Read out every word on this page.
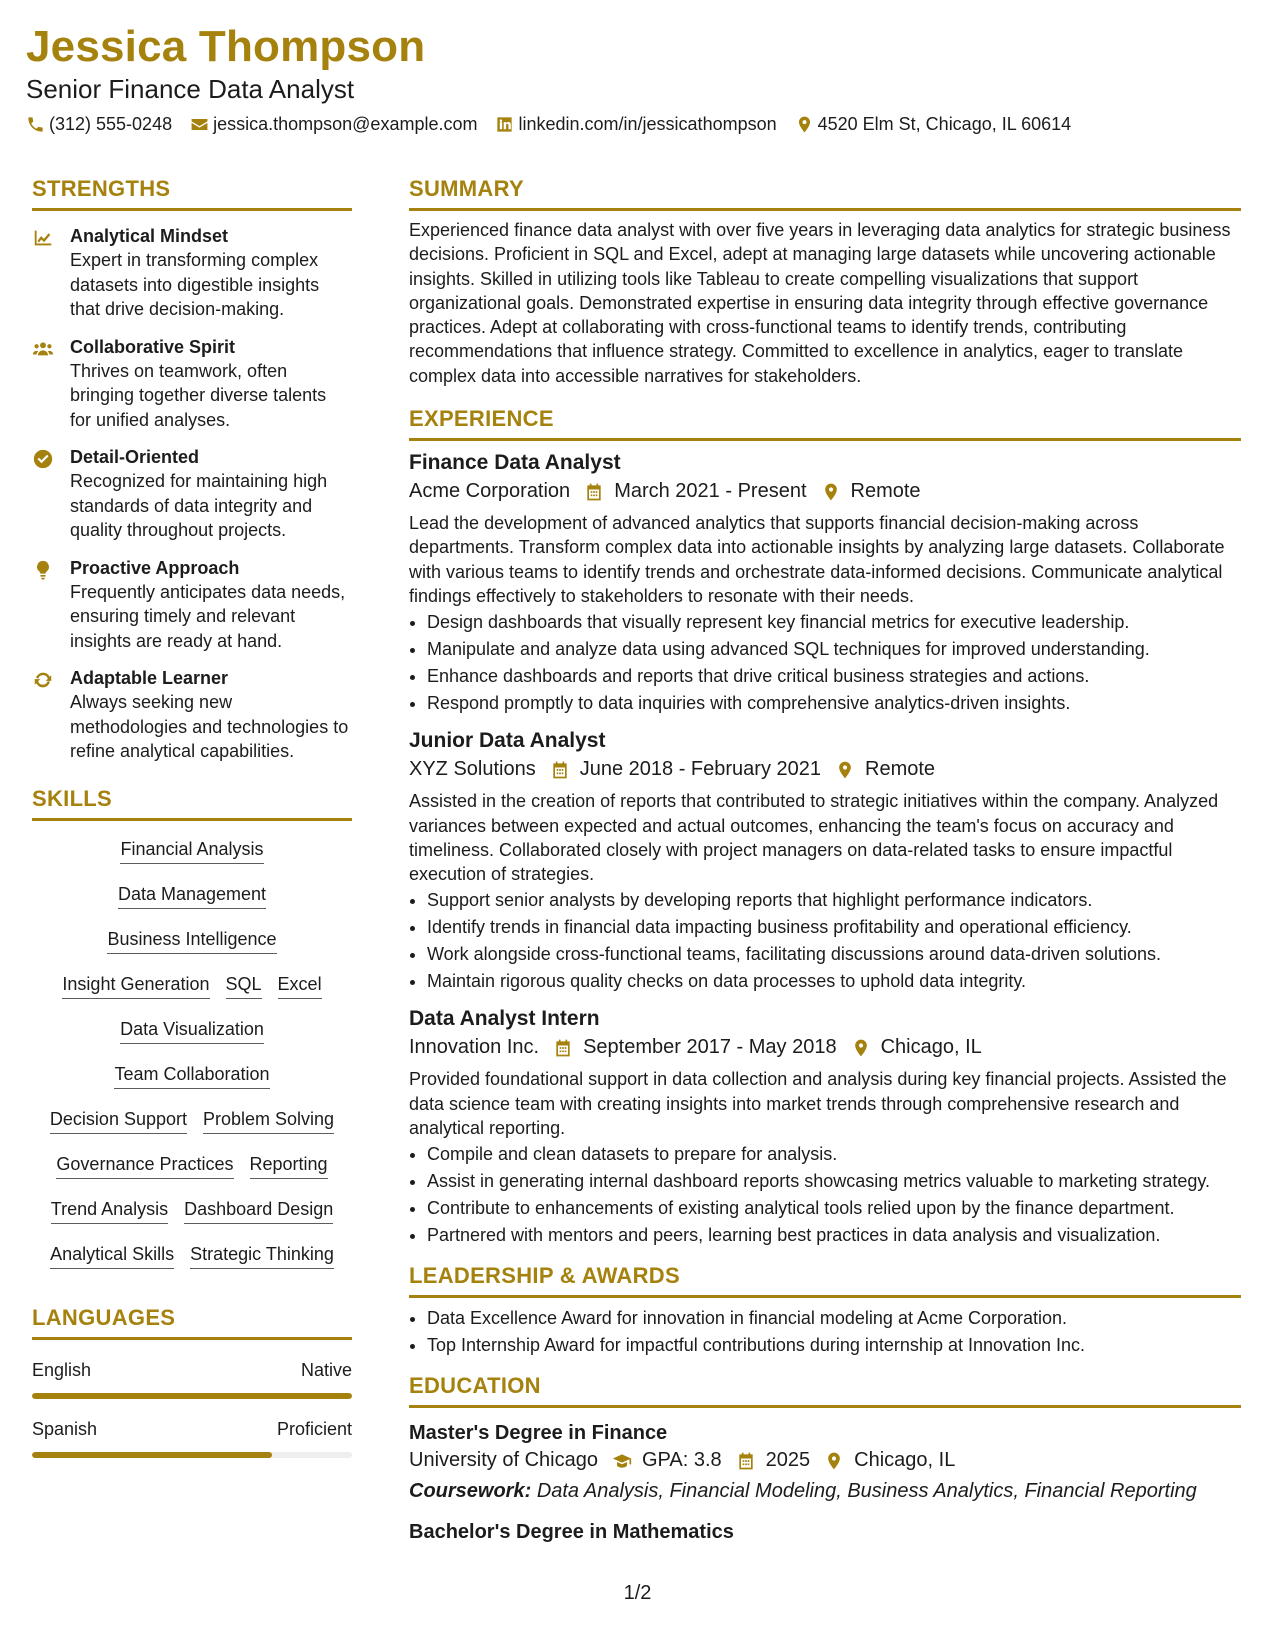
Jessica Thompson
Senior Finance Data Analyst
(312) 555-0248 jessica.thompson@example.com linkedin.com/in/jessicathompson 4520 Elm St, Chicago, IL 60614
STRENGTHS
Analytical Mindset
Expert in transforming complex datasets into digestible insights that drive decision-making.
Collaborative Spirit
Thrives on teamwork, often bringing together diverse talents for unified analyses.
Detail-Oriented
Recognized for maintaining high standards of data integrity and quality throughout projects.
Proactive Approach
Frequently anticipates data needs, ensuring timely and relevant insights are ready at hand.
Adaptable Learner
Always seeking new methodologies and technologies to refine analytical capabilities.
SKILLS
Financial Analysis
Data Management
Business Intelligence
Insight Generation SQL Excel
Data Visualization
Team Collaboration
Decision Support Problem Solving
Governance Practices Reporting
Trend Analysis Dashboard Design
Analytical Skills Strategic Thinking
LANGUAGES
English	Native
Spanish	Proficient
SUMMARY
Experienced finance data analyst with over five years in leveraging data analytics for strategic business decisions. Proficient in SQL and Excel, adept at managing large datasets while uncovering actionable insights. Skilled in utilizing tools like Tableau to create compelling visualizations that support organizational goals. Demonstrated expertise in ensuring data integrity through effective governance practices. Adept at collaborating with cross-functional teams to identify trends, contributing recommendations that influence strategy. Committed to excellence in analytics, eager to translate complex data into accessible narratives for stakeholders.
EXPERIENCE
Finance Data Analyst
Acme Corporation March 2021 - Present Remote
Lead the development of advanced analytics that supports financial decision-making across departments. Transform complex data into actionable insights by analyzing large datasets. Collaborate with various teams to identify trends and orchestrate data-informed decisions. Communicate analytical findings effectively to stakeholders to resonate with their needs.
• Design dashboards that visually represent key financial metrics for executive leadership.
• Manipulate and analyze data using advanced SQL techniques for improved understanding.
• Enhance dashboards and reports that drive critical business strategies and actions.
• Respond promptly to data inquiries with comprehensive analytics-driven insights.
Junior Data Analyst
XYZ Solutions June 2018 - February 2021 Remote
Assisted in the creation of reports that contributed to strategic initiatives within the company. Analyzed variances between expected and actual outcomes, enhancing the team's focus on accuracy and timeliness. Collaborated closely with project managers on data-related tasks to ensure impactful execution of strategies.
• Support senior analysts by developing reports that highlight performance indicators.
• Identify trends in financial data impacting business profitability and operational efficiency.
• Work alongside cross-functional teams, facilitating discussions around data-driven solutions.
• Maintain rigorous quality checks on data processes to uphold data integrity.
Data Analyst Intern
Innovation Inc. September 2017 - May 2018 Chicago, IL
Provided foundational support in data collection and analysis during key financial projects. Assisted the data science team with creating insights into market trends through comprehensive research and analytical reporting.
• Compile and clean datasets to prepare for analysis.
• Assist in generating internal dashboard reports showcasing metrics valuable to marketing strategy.
• Contribute to enhancements of existing analytical tools relied upon by the finance department.
• Partnered with mentors and peers, learning best practices in data analysis and visualization.
LEADERSHIP & AWARDS
• Data Excellence Award for innovation in financial modeling at Acme Corporation.
• Top Internship Award for impactful contributions during internship at Innovation Inc.
EDUCATION
Master's Degree in Finance
University of Chicago GPA: 3.8 2025 Chicago, IL
Coursework: Data Analysis, Financial Modeling, Business Analytics, Financial Reporting
Bachelor's Degree in Mathematics
1/2
